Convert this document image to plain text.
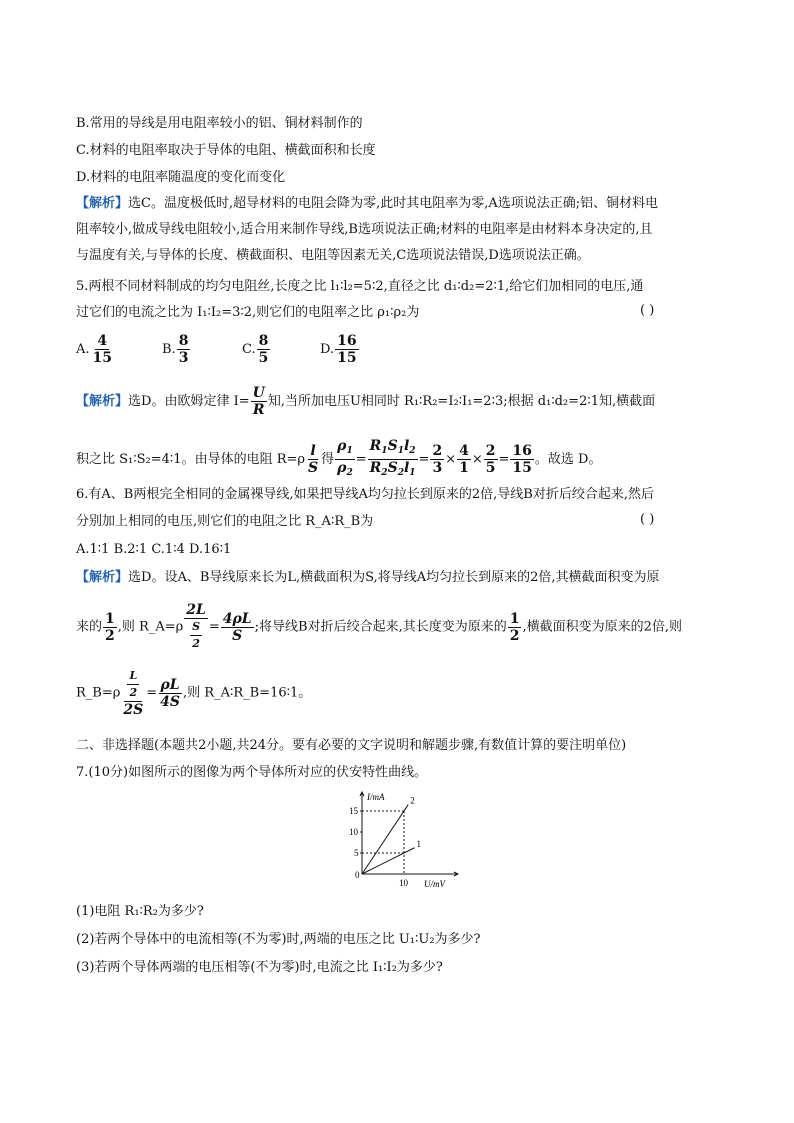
B.常用的导线是用电阻率较小的铝、铜材料制作的
C.材料的电阻率取决于导体的电阻、横截面积和长度
D.材料的电阻率随温度的变化而变化
【解析】选C。温度极低时,超导材料的电阻会降为零,此时其电阻率为零,A选项说法正确;铝、铜材料电
阻率较小,做成导线电阻较小,适合用来制作导线,B选项说法正确;材料的电阻率是由材料本身决定的,且
与温度有关,与导体的长度、横截面积、电阻等因素无关,C选项说法错误,D选项说法正确。
5.两根不同材料制成的均匀电阻丝,长度之比 l₁∶l₂=5∶2,直径之比 d₁∶d₂=2∶1,给它们加相同的电压,通
过它们的电流之比为 I₁∶I₂=3∶2,则它们的电阻率之比 ρ₁∶ρ₂为	( )
A. $\frac{4}{15}$	B. $\frac{8}{3}$	C. $\frac{8}{5}$	D. $\frac{16}{15}$
【解析】选D。由欧姆定律 $I= \frac{U}{R}$ 知,当所加电压U相同时 R₁∶R₂=I₂∶I₁=2∶3;根据 d₁∶d₂=2∶1知,横截面
积之比 S₁∶S₂=4∶1。由导体的电阻 $R=\rho \frac{l}{S}$ 得 $\frac{\rho_1}{\rho_2} = \frac{R_1S_1l_2}{R_2S_2l_1} = \frac{2}{3} \times \frac{4}{1} \times \frac{2}{5} = \frac{16}{15}$ 。故选 D。
6.有A、B两根完全相同的金属裸导线,如果把导线A均匀拉长到原来的2倍,导线B对折后绞合起来,然后
分别加上相同的电压,则它们的电阻之比 R_A∶R_B为	( )
A.1∶1 B.2∶1 C.1∶4 D.16∶1
【解析】选D。设A、B导线原来长为L,横截面积为S,将导线A均匀拉长到原来的2倍,其横截面积变为原
来的 $\frac{1}{2}$ ,则 R_A=ρ $\frac{2L}{\frac{S}{2}} = \frac{4\rho L}{S}$ ;将导线B对折后绞合起来,其长度变为原来的 $\frac{1}{2}$ ,横截面积变为原来的2倍,则
R_B=ρ $\frac{\frac{L}{2}}{2S} = \frac{\rho L}{4S}$ ,则 R_A∶R_B=16∶1。
二、非选择题(本题共2小题,共24分。要有必要的文字说明和解题步骤,有数值计算的要注明单位)
7.(10分)如图所示的图像为两个导体所对应的伏安特性曲线。
I/mA
U/mV
0
10
5
10
15
2
1
(1)电阻 R₁∶R₂为多少?
(2)若两个导体中的电流相等(不为零)时,两端的电压之比 U₁∶U₂为多少?
(3)若两个导体两端的电压相等(不为零)时,电流之比 I₁∶I₂为多少?
